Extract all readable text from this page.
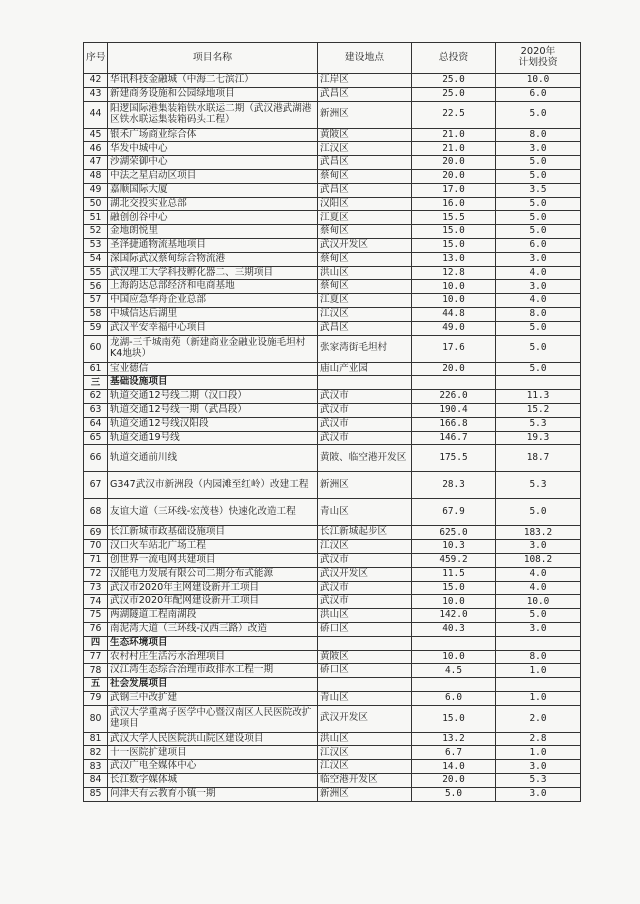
序号	项目名称	建设地点	总投资	2020年
计划投资

42	华讯科技金融城（中海二七滨江）	江岸区	25.0	10.0
43	新建商务设施和公园绿地项目	武昌区	25.0	6.0
44	阳逻国际港集装箱铁水联运二期（武汉港武湖港区铁水联运集装箱码头工程）	新洲区	22.5	5.0
45	银禾广场商业综合体	黄陂区	21.0	8.0
46	华发中城中心	江汉区	21.0	3.0
47	沙湖荣御中心	武昌区	20.0	5.0
48	中法之星启动区项目	蔡甸区	20.0	5.0
49	嘉顺国际大厦	武昌区	17.0	3.5
50	湖北交投实业总部	汉阳区	16.0	5.0
51	融创创谷中心	江夏区	15.5	5.0
52	金地朗悦里	蔡甸区	15.0	5.0
53	圣泽捷通物流基地项目	武汉开发区	15.0	6.0
54	深国际武汉蔡甸综合物流港	蔡甸区	13.0	3.0
55	武汉理工大学科技孵化器二、三期项目	洪山区	12.8	4.0
56	上海韵达总部经济和电商基地	蔡甸区	10.0	3.0
57	中国应急华舟企业总部	江夏区	10.0	4.0
58	中城信达后湖里	江汉区	44.8	8.0
59	武汉平安幸福中心项目	武昌区	49.0	5.0
60	龙湖-三千城南苑（新建商业金融业设施毛坦村K4地块）	张家湾街毛坦村	17.6	5.0
61	宝业德信	庙山产业园	20.0	5.0
三	基础设施项目			
62	轨道交通12号线二期（汉口段）	武汉市	226.0	11.3
63	轨道交通12号线一期（武昌段）	武汉市	190.4	15.2
64	轨道交通12号线汉阳段	武汉市	166.8	5.3
65	轨道交通19号线	武汉市	146.7	19.3
66	轨道交通前川线	黄陂、临空港开发区	175.5	18.7
67	G347武汉市新洲段（内园滩至红岭）改建工程	新洲区	28.3	5.3
68	友谊大道（三环线-宏茂巷）快速化改造工程	青山区	67.9	5.0
69	长江新城市政基础设施项目	长江新城起步区	625.0	183.2
70	汉口火车站北广场工程	江汉区	10.3	3.0
71	创世界一流电网共建项目	武汉市	459.2	108.2
72	汉能电力发展有限公司二期分布式能源	武汉开发区	11.5	4.0
73	武汉市2020年主网建设新开工项目	武汉市	15.0	4.0
74	武汉市2020年配网建设新开工项目	武汉市	10.0	10.0
75	两湖隧道工程南湖段	洪山区	142.0	5.0
76	南泥湾大道（三环线-汉西三路）改造	硚口区	40.3	3.0
四	生态环境项目			
77	农村村庄生活污水治理项目	黄陂区	10.0	8.0
78	汉江湾生态综合治理市政排水工程一期	硚口区	4.5	1.0
五	社会发展项目			
79	武钢三中改扩建	青山区	6.0	1.0
80	武汉大学重离子医学中心暨汉南区人民医院改扩建项目	武汉开发区	15.0	2.0
81	武汉大学人民医院洪山院区建设项目	洪山区	13.2	2.8
82	十一医院扩建项目	江汉区	6.7	1.0
83	武汉广电全媒体中心	江汉区	14.0	3.0
84	长江数字媒体城	临空港开发区	20.0	5.3
85	问津天有云教育小镇一期	新洲区	5.0	3.0
